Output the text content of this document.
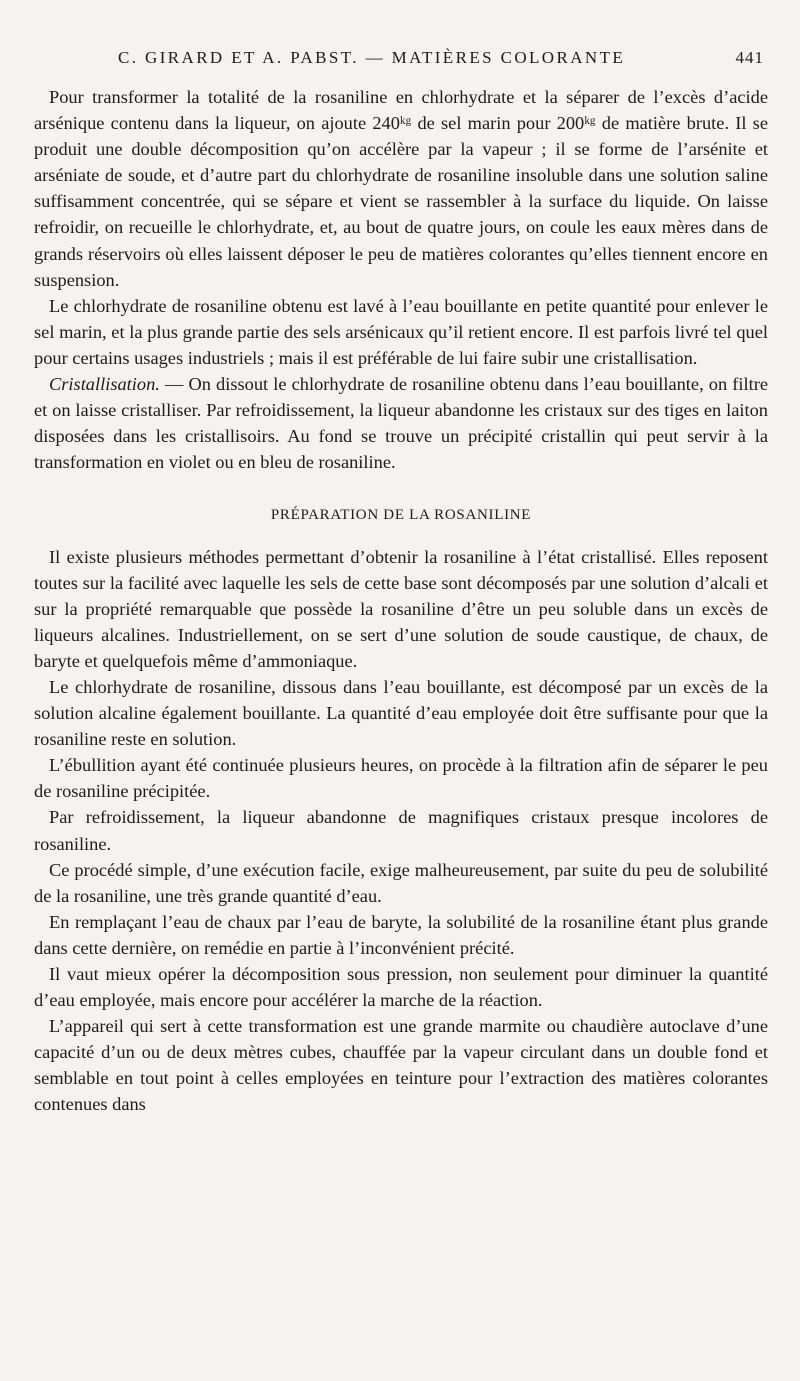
C. GIRARD ET A. PABST. — MATIÈRES COLORANTE	441

Pour transformer la totalité de la rosaniline en chlorhydrate et la séparer de l’excès d’acide arsénique contenu dans la liqueur, on ajoute 240ᵏᵍ de sel marin pour 200ᵏᵍ de matière brute. Il se produit une double décomposition qu’on accélère par la vapeur ; il se forme de l’arsénite et arséniate de soude, et d’autre part du chlorhydrate de rosaniline insoluble dans une solution saline suffisamment concentrée, qui se sépare et vient se rassembler à la surface du liquide. On laisse refroidir, on recueille le chlorhydrate, et, au bout de quatre jours, on coule les eaux mères dans de grands réservoirs où elles laissent déposer le peu de matières colorantes qu’elles tiennent encore en suspension.

Le chlorhydrate de rosaniline obtenu est lavé à l’eau bouillante en petite quantité pour enlever le sel marin, et la plus grande partie des sels arsénicaux qu’il retient encore. Il est parfois livré tel quel pour certains usages industriels ; mais il est préférable de lui faire subir une cristallisation.

Cristallisation. — On dissout le chlorhydrate de rosaniline obtenu dans l’eau bouillante, on filtre et on laisse cristalliser. Par refroidissement, la liqueur abandonne les cristaux sur des tiges en laiton disposées dans les cristallisoirs. Au fond se trouve un précipité cristallin qui peut servir à la transformation en violet ou en bleu de rosaniline.

PRÉPARATION DE LA ROSANILINE

Il existe plusieurs méthodes permettant d’obtenir la rosaniline à l’état cristallisé. Elles reposent toutes sur la facilité avec laquelle les sels de cette base sont décomposés par une solution d’alcali et sur la propriété remarquable que possède la rosaniline d’être un peu soluble dans un excès de liqueurs alcalines. Industriellement, on se sert d’une solution de soude caustique, de chaux, de baryte et quelquefois même d’ammoniaque.

Le chlorhydrate de rosaniline, dissous dans l’eau bouillante, est décomposé par un excès de la solution alcaline également bouillante. La quantité d’eau employée doit être suffisante pour que la rosaniline reste en solution.

L’ébullition ayant été continuée plusieurs heures, on procède à la filtration afin de séparer le peu de rosaniline précipitée.

Par refroidissement, la liqueur abandonne de magnifiques cristaux presque incolores de rosaniline.

Ce procédé simple, d’une exécution facile, exige malheureusement, par suite du peu de solubilité de la rosaniline, une très grande quantité d’eau.

En remplaçant l’eau de chaux par l’eau de baryte, la solubilité de la rosaniline étant plus grande dans cette dernière, on remédie en partie à l’inconvénient précité.

Il vaut mieux opérer la décomposition sous pression, non seulement pour diminuer la quantité d’eau employée, mais encore pour accélérer la marche de la réaction.

L’appareil qui sert à cette transformation est une grande marmite ou chaudière autoclave d’une capacité d’un ou de deux mètres cubes, chauffée par la vapeur circulant dans un double fond et semblable en tout point à celles employées en teinture pour l’extraction des matières colorantes contenues dans
